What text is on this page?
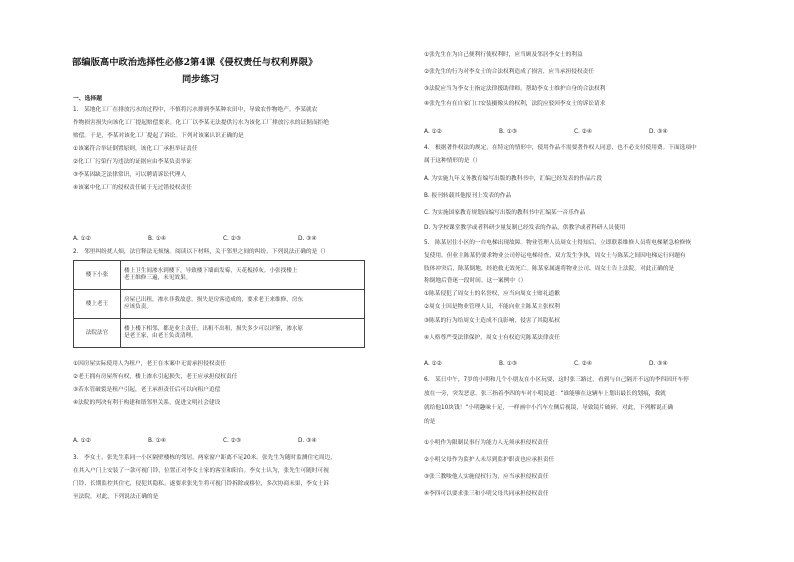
部编版高中政治选择性必修2第4课《侵权责任与权利界限》
同步练习
一、选择题
1.　某地化工厂在排放污水的过程中，不慎将污水排到李某种农田中，导致农作物绝产。李某就农
作物损害损失向该化工厂提起赔偿要求。化工厂以李某无法提供污水为该化工厂排放污水的证据而拒绝
赔偿。于是，李某对该化工厂提起了诉讼。下列对该案认识正确的是
①该案符合举证倒置原则，该化工厂承担举证责任
②化工厂污染行为违法的证据应由李某负责举证
③李某因缺乏法律常识，可以聘请诉讼代理人
④该案中化工厂的侵权责任属于无过错侵权责任
A. ①②	B. ①④	C. ②③	D. ③④
2.　邻里纠纷扰人烦，法官释法无烦恼。阅读以下材料，关于邻里之间的纠纷，下列说法正确的是（）
楼下小张	楼上卫生间渗水到楼下，导致楼下墙面发霉，天花板掉灰。小张找楼上
老王维修三遍，未见效果。

楼上老王	房屋已出租，渗水非我故意，损失是房客造成的，要求老王来维修，房东
应该负责。

法院法官	楼上楼下相邻，都是业主责任。出租不出租，损失多少可以评鉴，渗水原
是老王家，由老王负责清理。
①因房屋实际使用人为租户，老王在本案中无需承担侵权责任
②老王拥有房屋所有权，楼上渗水引起损失，老王应承担侵权责任
③若水管破裂是租户引起，老王承担责任后可以向租户追偿
④法院的判决有利于构建和谐邻里关系，促进文明社会建设
A. ①②	B. ①④	C. ②③	D. ③④
3.　李女士，张先生系同一小区隔壁楼栋的邻居，两家窗户距离不足20米。张先生为随时监测住宅周边，
在其入户门上安装了一款可视门铃，位置正对李女士家的客室和阳台。李女士认为，张先生可随时可视
门铃、长期监控其住宅，侵犯其隐私。遂要求张先生将可视门铃拆除或移位，多次协商未果，李女士诉
至法院。对此，下列说法正确的是
①张先生在为自己便利行使权利时，应当顾及邻居李女士的利益
②张先生的行为对李女士的合法权利造成了损害，应当承担侵权责任
③法院应当为李女士指定法律援助律师，帮助李女士维护自身的合法权利
④张先生有在自家门口安装摄像头的权利，法院应驳回李女士的诉讼请求
A. ①②	B. ①③	C. ②④	D. ③④
4.　根据著作权法的规定，在特定的情形中，使用作品不需要著作权人同意，也不必支付使用费。下面选项中
属于这种情形的是（）
A. 为实施九年义务教育编写出版的教科书中，汇编已经发表的作品片段
B. 报刊转载其他报刊上发表的作品
C. 为实施国家教育规划而编写出版的教科书中汇编某一音乐作品
D. 为学校课堂教学或者科研少量复制已经发表的作品，供教学或者科研人员使用
5.　陈某居住小区的一台电梯出现故障。物业管理人员周女士得知后，立即联系维修人员将电梯紧急检修恢
复使用。但业主陈某仍要求物业公司停运电梯待查，双方发生争执，周女士与陈某之间因电梯运行问题有
肢体冲突后，陈某倒地，经抢救无效死亡。陈某家属遂将物业公司、周女士告上法院。对此正确的是
称倒地后昏迷一段时间。这一案例中（）
①陈某侵犯了周女士的名誉权，应当向周女士赔礼道歉
②周女士因是物业管理人员，不能向业主陈某主张权利
③陈某的行为给周女士造成不良影响，侵害了其隐私权
④人格尊严受法律保护，周女士有权追究陈某法律责任
A. ①②	B. ①③	C. ②④	D. ③④
6.　某日中午，7岁的小明和几个小朋友在小区玩耍，这时张三路过，看到与自己隔开不远的李四因开车停
放在一旁，突发恶意。张三指着李四的车对小明说道：“谁能够在这辆车上划出最长的划痕，我就
就给他10块钱！”小明趣味十足，一样画中小汽车左侧后视镜，导致镜片破碎。对此，下列解说正确
的是
①小明作为限制民事行为能力人无须承担侵权责任
②小明父母作为监护人未尽到监护职责也应承担责任
③张三教唆他人实施侵权行为，应当承担侵权责任
④李四可以要求张三和小明父母共同承担侵权责任
